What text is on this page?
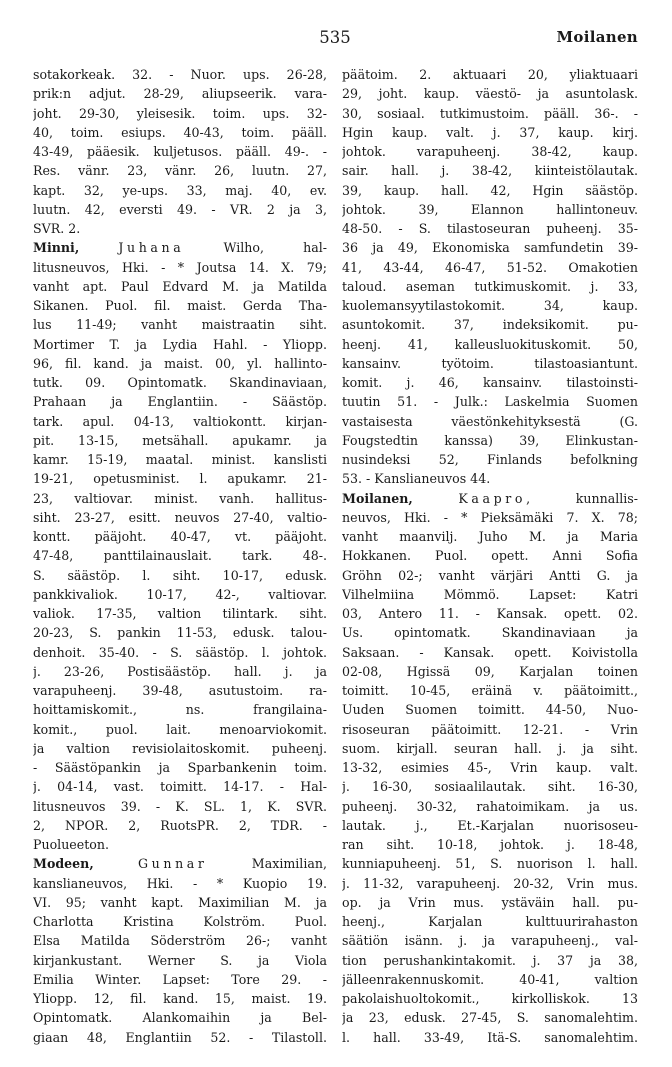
535	Moilanen
sotakorkeak. 32. - Nuor. ups. 26-28,
prik:n adjut. 28-29, aliupseerik. vara-
joht. 29-30, yleisesik. toim. ups. 32-
40, toim. esiups. 40-43, toim. pääll.
43-49, pääesik. kuljetusos. pääll. 49-. -
Res. vänr. 23, vänr. 26, luutn. 27,
kapt. 32, ye-ups. 33, maj. 40, ev.
luutn. 42, eversti 49. - VR. 2 ja 3,
SVR. 2.
Minni,	Juhana Wilho, hal-
litusneuvos, Hki. - * Joutsa 14. X. 79;
vanht apt. Paul Edvard M. ja Matilda
Sikanen. Puol. fil. maist. Gerda Tha-
lus 11-49; vanht maistraatin siht.
Mortimer T. ja Lydia Hahl. - Yliopp.
96, fil. kand. ja maist. 00, yl. hallinto-
tutk. 09. Opintomatk. Skandinaviaan,
Prahaan ja Englantiin. - Säästöp.
tark. apul. 04-13, valtiokontt. kirjan-
pit. 13-15, metsähall. apukamr. ja
kamr. 15-19, maatal. minist. kanslisti
19-21, opetusminist. l. apukamr. 21-
23, valtiovar. minist. vanh. hallitus-
siht. 23-27, esitt. neuvos 27-40, valtio-
kontt. pääjoht. 40-47, vt. pääjoht.
47-48, panttilainauslait. tark. 48-.
S. säästöp. l. siht. 10-17, edusk.
pankkivaliok. 10-17, 42-, valtiovar.
valiok. 17-35, valtion tilintark. siht.
20-23, S. pankin 11-53, edusk. talou-
denhoit. 35-40. - S. säästöp. l. johtok.
j. 23-26, Postisäästöp. hall. j. ja
varapuheenj. 39-48, asutustoim. ra-
hoittamiskomit., ns. frangilaina-
komit., puol. lait. menoarviokomit.
ja valtion revisiolaitoskomit. puheenj.
- Säästöpankin ja Sparbankenin toim.
j. 04-14, vast. toimitt. 14-17. - Hal-
litusneuvos 39. - K. SL. 1, K. SVR.
2, NPOR. 2, RuotsPR. 2, TDR. -
Puolueeton.
Modeen,	Gunnar Maximilian,
kanslianeuvos, Hki. - * Kuopio 19.
VI. 95; vanht kapt. Maximilian M. ja
Charlotta Kristina Kolström. Puol.
Elsa Matilda Söderström 26-; vanht
kirjankustant. Werner S. ja Viola
Emilia Winter. Lapset: Tore 29. -
Yliopp. 12, fil. kand. 15, maist. 19.
Opintomatk. Alankomaihin ja Bel-
giaan 48, Englantiin 52. - Tilastoll.
päätoim. 2. aktuaari 20, yliaktuaari
29, joht. kaup. väestö- ja asuntolask.
30, sosiaal. tutkimustoim. pääll. 36-. -
Hgin kaup. valt. j. 37, kaup. kirj.
johtok. varapuheenj. 38-42, kaup.
sair. hall. j. 38-42, kiinteistölautak.
39, kaup. hall. 42, Hgin säästöp.
johtok. 39, Elannon hallintoneuv.
48-50. - S. tilastoseuran puheenj. 35-
36 ja 49, Ekonomiska samfundetin 39-
41, 43-44, 46-47, 51-52. Omakotien
taloud. aseman tutkimuskomit. j. 33,
kuolemansyytilastokomit. 34, kaup.
asuntokomit. 37, indeksikomit. pu-
heenj. 41, kalleusluokituskomit. 50,
kansainv. työtoim. tilastoasiantunt.
komit. j. 46, kansainv. tilastoinsti-
tuutin 51. - Julk.: Laskelmia Suomen
vastaisesta väestönkehityksestä (G.
Fougstedtin kanssa) 39, Elinkustan-
nusindeksi 52, Finlands befolkning
53. - Kanslianeuvos 44.
Moilanen,	Kaapro, kunnallis-
neuvos, Hki. - * Pieksämäki 7. X. 78;
vanht maanvilj. Juho M. ja Maria
Hokkanen. Puol. opett. Anni Sofia
Gröhn 02-; vanht värjäri Antti G. ja
Vilhelmiina Mömmö. Lapset: Katri
03, Antero 11. - Kansak. opett. 02.
Us. opintomatk. Skandinaviaan ja
Saksaan. - Kansak. opett. Koivistolla
02-08, Hgissä 09, Karjalan toinen
toimitt. 10-45, eräinä v. päätoimitt.,
Uuden Suomen toimitt. 44-50, Nuo-
risoseuran päätoimitt. 12-21. - Vrin
suom. kirjall. seuran hall. j. ja siht.
13-32, esimies 45-, Vrin kaup. valt.
j. 16-30, sosiaalilautak. siht. 16-30,
puheenj. 30-32, rahatoimikam. ja us.
lautak. j., Et.-Karjalan nuorisoseu-
ran siht. 10-18, johtok. j. 18-48,
kunniapuheenj. 51, S. nuorison l. hall.
j. 11-32, varapuheenj. 20-32, Vrin mus.
op. ja Vrin mus. ystäväin hall. pu-
heenj., Karjalan kulttuurirahaston
säätiön isänn. j. ja varapuheenj., val-
tion perushankintakomit. j. 37 ja 38,
jälleenrakennuskomit. 40-41, valtion
pakolaishuoltokomit., kirkolliskok. 13
ja 23, edusk. 27-45, S. sanomalehtim.
l. hall. 33-49, Itä-S. sanomalehtim.
